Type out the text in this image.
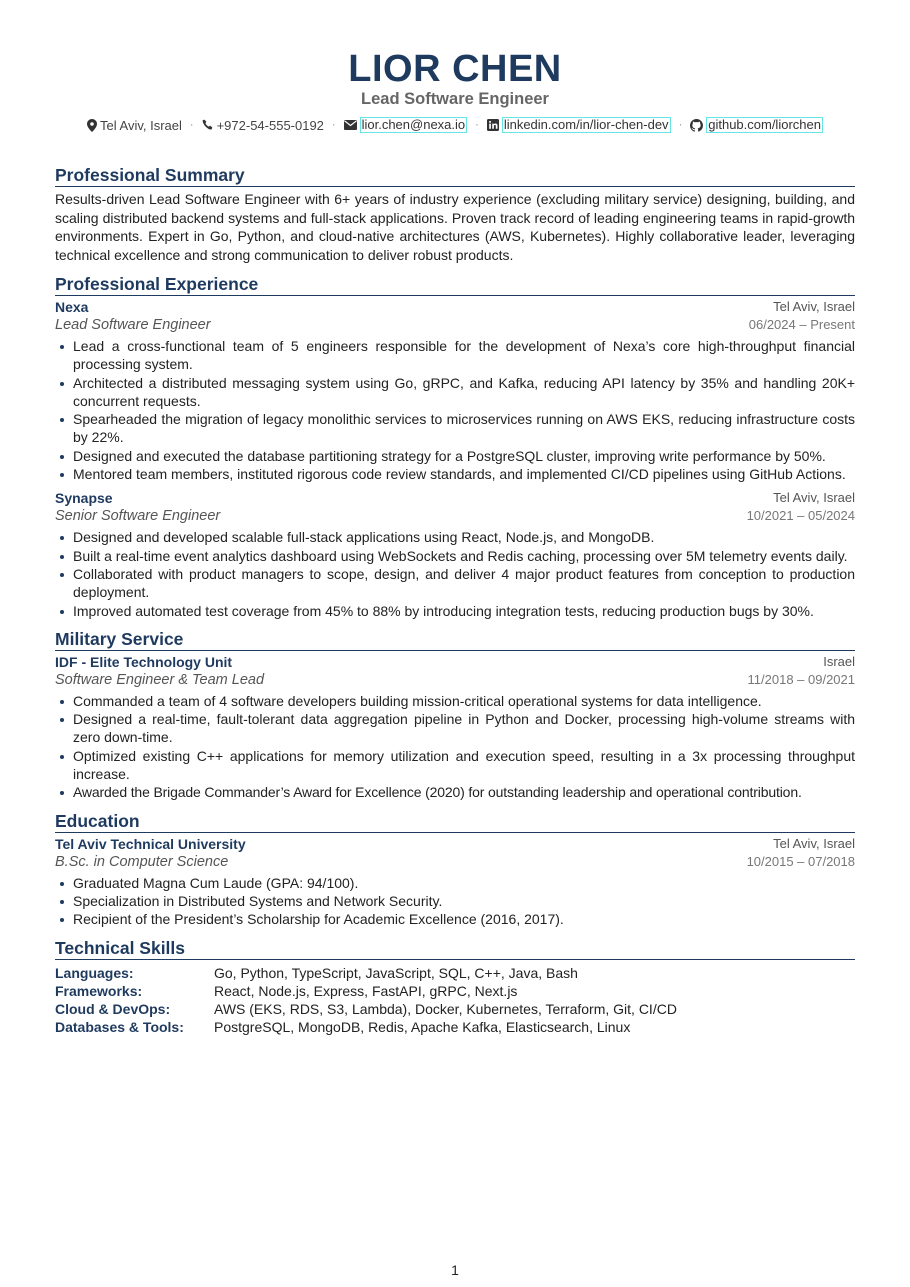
LIOR CHEN
Lead Software Engineer
Tel Aviv, Israel · +972-54-555-0192 · lior.chen@nexa.io · linkedin.com/in/lior-chen-dev · github.com/liorchen
Professional Summary
Results-driven Lead Software Engineer with 6+ years of industry experience (excluding military service) designing, building, and scaling distributed backend systems and full-stack applications. Proven track record of leading engineering teams in rapid-growth environments. Expert in Go, Python, and cloud-native architectures (AWS, Kubernetes). Highly collaborative leader, leveraging technical excellence and strong communication to deliver robust products.
Professional Experience
Nexa	Tel Aviv, Israel
Lead Software Engineer	06/2024 – Present
Lead a cross-functional team of 5 engineers responsible for the development of Nexa’s core high-throughput financial processing system.
Architected a distributed messaging system using Go, gRPC, and Kafka, reducing API latency by 35% and handling 20K+ concurrent requests.
Spearheaded the migration of legacy monolithic services to microservices running on AWS EKS, reducing infrastructure costs by 22%.
Designed and executed the database partitioning strategy for a PostgreSQL cluster, improving write performance by 50%.
Mentored team members, instituted rigorous code review standards, and implemented CI/CD pipelines using GitHub Actions.
Synapse	Tel Aviv, Israel
Senior Software Engineer	10/2021 – 05/2024
Designed and developed scalable full-stack applications using React, Node.js, and MongoDB.
Built a real-time event analytics dashboard using WebSockets and Redis caching, processing over 5M telemetry events daily.
Collaborated with product managers to scope, design, and deliver 4 major product features from conception to production deployment.
Improved automated test coverage from 45% to 88% by introducing integration tests, reducing production bugs by 30%.
Military Service
IDF - Elite Technology Unit	Israel
Software Engineer & Team Lead	11/2018 – 09/2021
Commanded a team of 4 software developers building mission-critical operational systems for data intelligence.
Designed a real-time, fault-tolerant data aggregation pipeline in Python and Docker, processing high-volume streams with zero down-time.
Optimized existing C++ applications for memory utilization and execution speed, resulting in a 3x processing throughput increase.
Awarded the Brigade Commander’s Award for Excellence (2020) for outstanding leadership and operational contribution.
Education
Tel Aviv Technical University	Tel Aviv, Israel
B.Sc. in Computer Science	10/2015 – 07/2018
Graduated Magna Cum Laude (GPA: 94/100).
Specialization in Distributed Systems and Network Security.
Recipient of the President’s Scholarship for Academic Excellence (2016, 2017).
Technical Skills
Languages:	Go, Python, TypeScript, JavaScript, SQL, C++, Java, Bash
Frameworks:	React, Node.js, Express, FastAPI, gRPC, Next.js
Cloud & DevOps:	AWS (EKS, RDS, S3, Lambda), Docker, Kubernetes, Terraform, Git, CI/CD
Databases & Tools:	PostgreSQL, MongoDB, Redis, Apache Kafka, Elasticsearch, Linux
1
